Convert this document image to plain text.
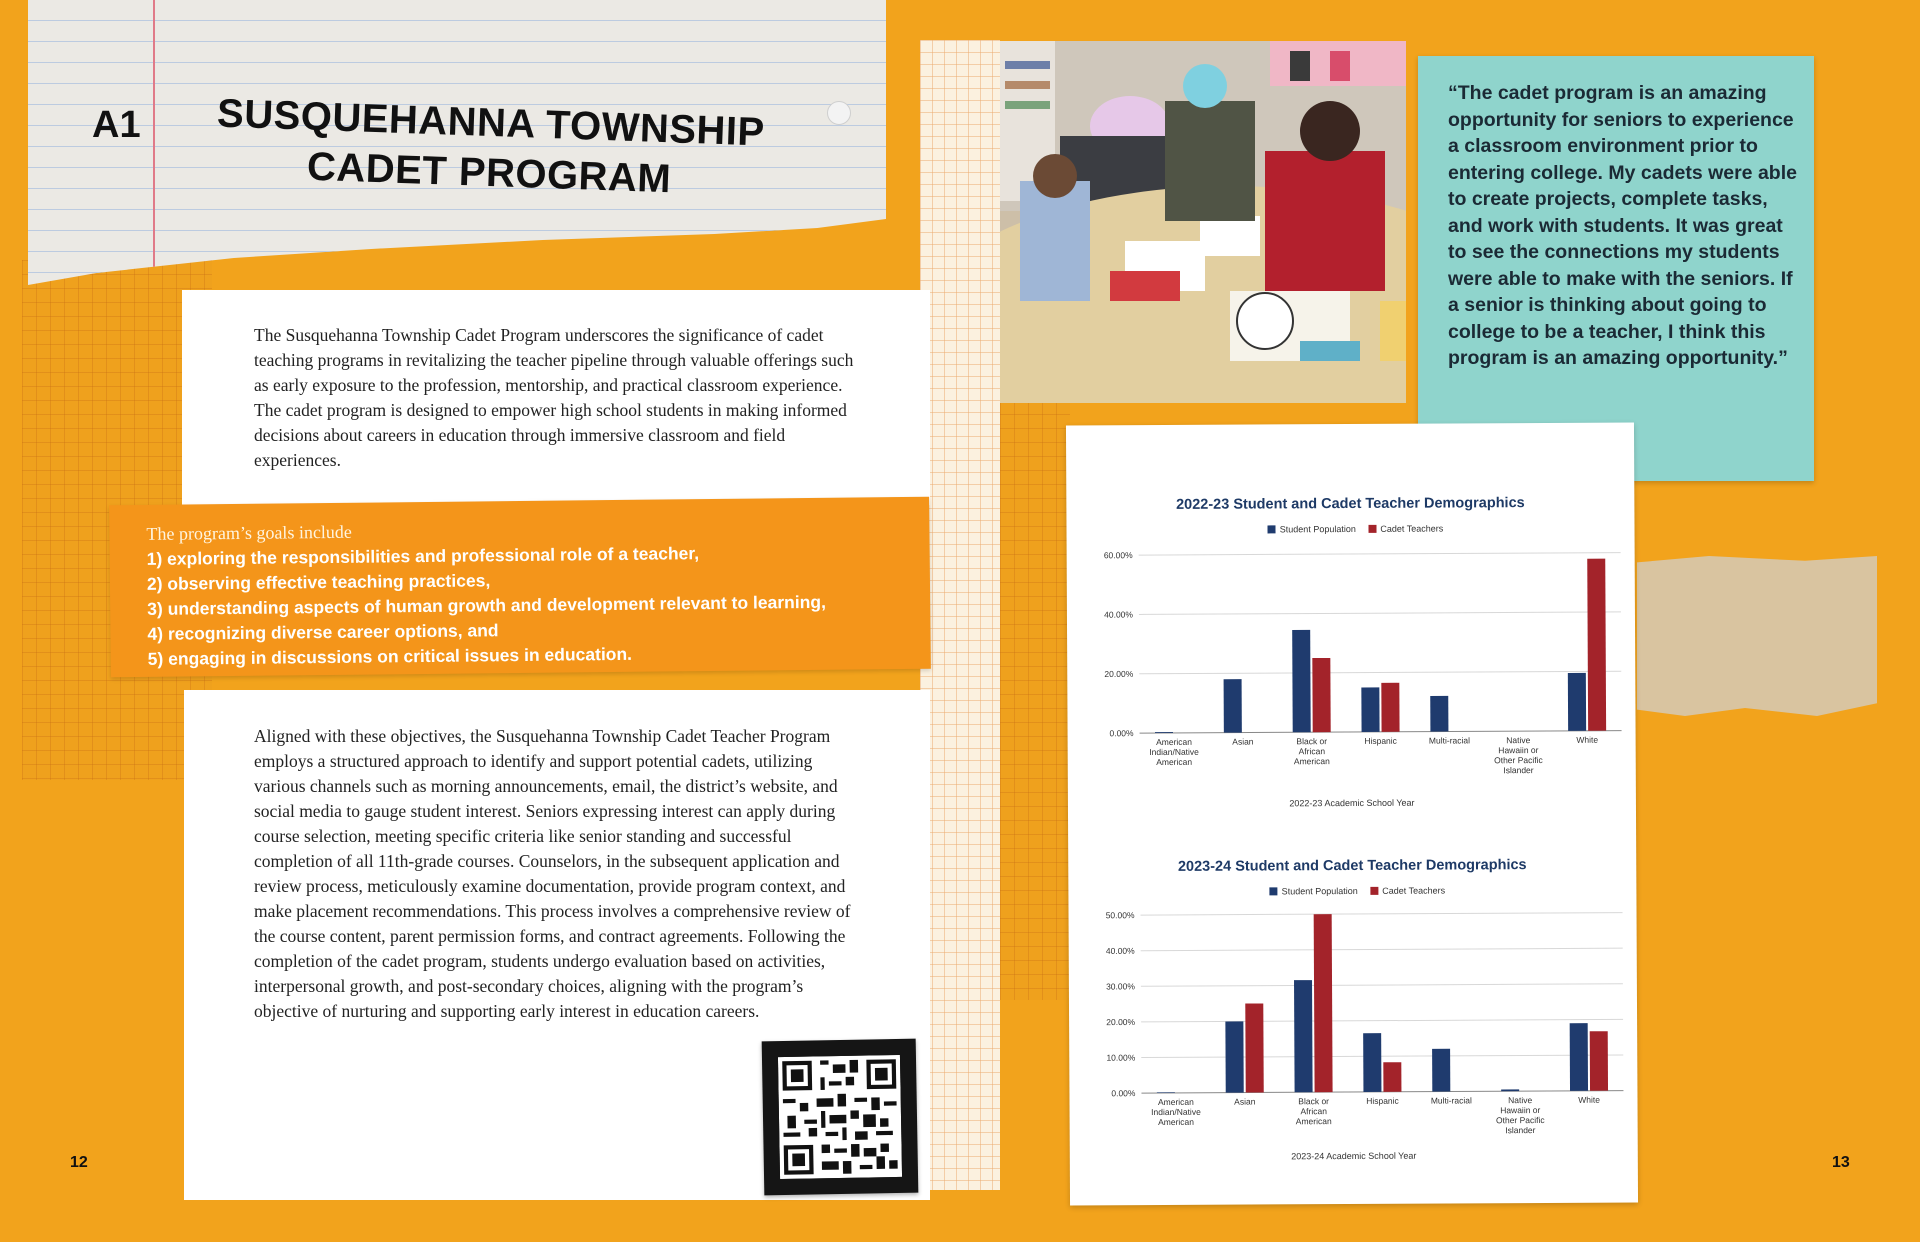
A1	SUSQUEHANNA TOWNSHIP
CADET PROGRAM
The Susquehanna Township Cadet Program underscores the significance of cadet teaching programs in revitalizing the teacher pipeline through valuable offerings such as early exposure to the profession, mentorship, and practical classroom experience. The cadet program is designed to empower high school students in making informed decisions about careers in education through immersive classroom and field experiences.
The program’s goals include
1) exploring the responsibilities and professional role of a teacher,
2) observing effective teaching practices,
3) understanding aspects of human growth and development relevant to learning,
4) recognizing diverse career options, and
5) engaging in discussions on critical issues in education.
Aligned with these objectives, the Susquehanna Township Cadet Teacher Program employs a structured approach to identify and support potential cadets, utilizing various channels such as morning announcements, email, the district’s website, and social media to gauge student interest. Seniors expressing interest can apply during course selection, meeting specific criteria like senior standing and successful completion of all 11th-grade courses. Counselors, in the subsequent application and review process, meticulously examine documentation, provide program context, and make placement recommendations. This process involves a comprehensive review of the course content, parent permission forms, and contract agreements. Following the completion of the cadet program, students undergo evaluation based on activities, interpersonal growth, and post-secondary choices, aligning with the program’s objective of nurturing and supporting early interest in education careers.
12	13
“The cadet program is an amazing opportunity for seniors to experience a classroom environment prior to entering college. My cadets were able to create projects, complete tasks, and work with students. It was great to see the connections my students were able to make with the seniors. If a senior is thinking about going to college to be a teacher, I think this program is an amazing opportunity.”
2022-23 Student and Cadet Teacher Demographics
Student Population	Cadet Teachers
0.00%
20.00%
40.00%
60.00%
American
Indian/Native
American
Asian	Black or
African
American
Hispanic	Multi-racial	Native
Hawaiin or
Other Pacific
Islander
White
2022-23 Academic School Year
2023-24 Student and Cadet Teacher Demographics
Student Population	Cadet Teachers
0.00%
10.00%
20.00%
30.00%
40.00%
50.00%
American
Indian/Native
American
Asian	Black or
African
American
Hispanic	Multi-racial	Native
Hawaiin or
Other Pacific
Islander
White
2023-24 Academic School Year
